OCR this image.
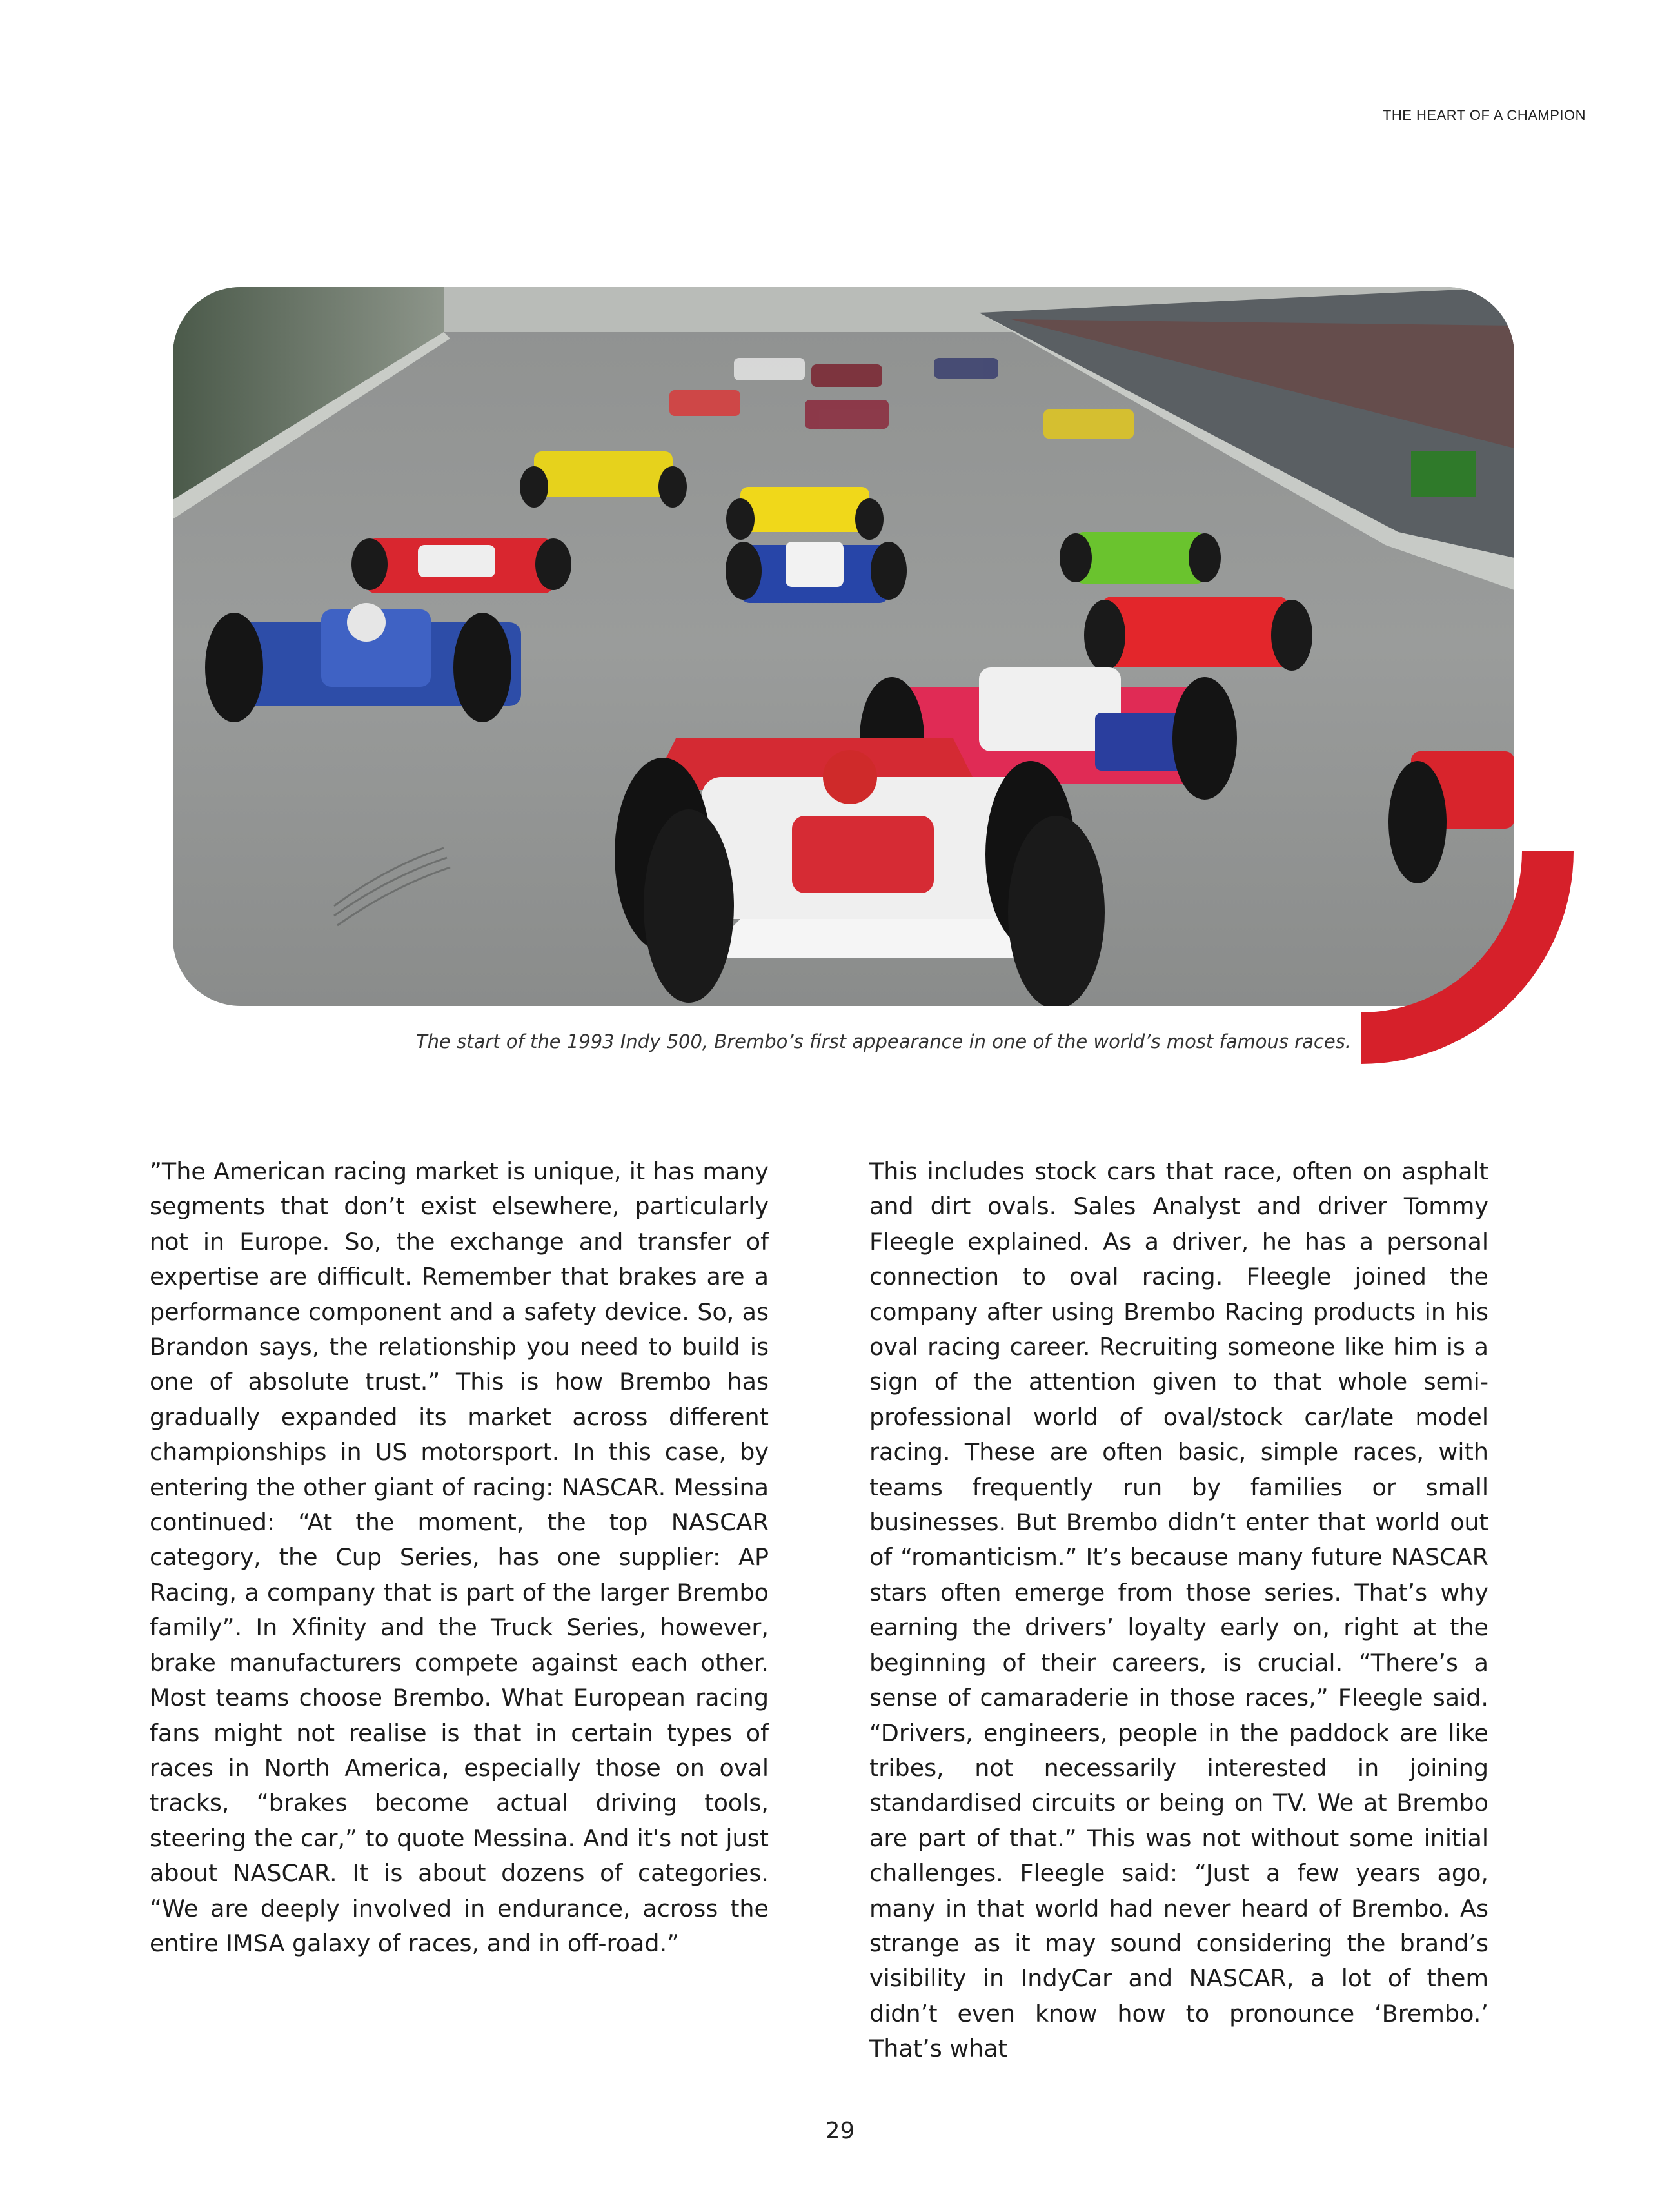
THE HEART OF A CHAMPION
The start of the 1993 Indy 500, Brembo’s first appearance in one of the world’s most famous races.
”The American racing market is unique, it has many segments that don’t exist elsewhere, particularly not in Europe. So, the exchange and transfer of expertise are difficult. Remember that brakes are a performance component and a safety device. So, as Brandon says, the relationship you need to build is one of absolute trust.” This is how Brembo has gradually expanded its market across different championships in US motorsport. In this case, by entering the other giant of racing: NASCAR. Messina continued: “At the moment, the top NASCAR category, the Cup Series, has one supplier: AP Racing, a company that is part of the larger Brembo family”. In Xfinity and the Truck Series, however, brake manufacturers compete against each other. Most teams choose Brembo. What European racing fans might not realise is that in certain types of races in North America, especially those on oval tracks, “brakes become actual driving tools, steering the car,” to quote Messina. And it's not just about NASCAR. It is about dozens of categories. “We are deeply involved in endurance, across the entire IMSA galaxy of races, and in off-road.”
This includes stock cars that race, often on asphalt and dirt ovals. Sales Analyst and driver Tommy Fleegle explained. As a driver, he has a personal connection to oval racing. Fleegle joined the company after using Brembo Racing products in his oval racing career. Recruiting someone like him is a sign of the attention given to that whole semi-professional world of oval/stock car/late model racing. These are often basic, simple races, with teams frequently run by families or small businesses. But Brembo didn’t enter that world out of “romanticism.” It’s because many future NASCAR stars often emerge from those series. That’s why earning the drivers’ loyalty early on, right at the beginning of their careers, is crucial. “There’s a sense of camaraderie in those races,” Fleegle said. “Drivers, engineers, people in the paddock are like tribes, not necessarily interested in joining standardised circuits or being on TV. We at Brembo are part of that.” This was not without some initial challenges. Fleegle said: “Just a few years ago, many in that world had never heard of Brembo. As strange as it may sound considering the brand’s visibility in IndyCar and NASCAR, a lot of them didn’t even know how to pronounce ‘Brembo.’ That’s what
29
